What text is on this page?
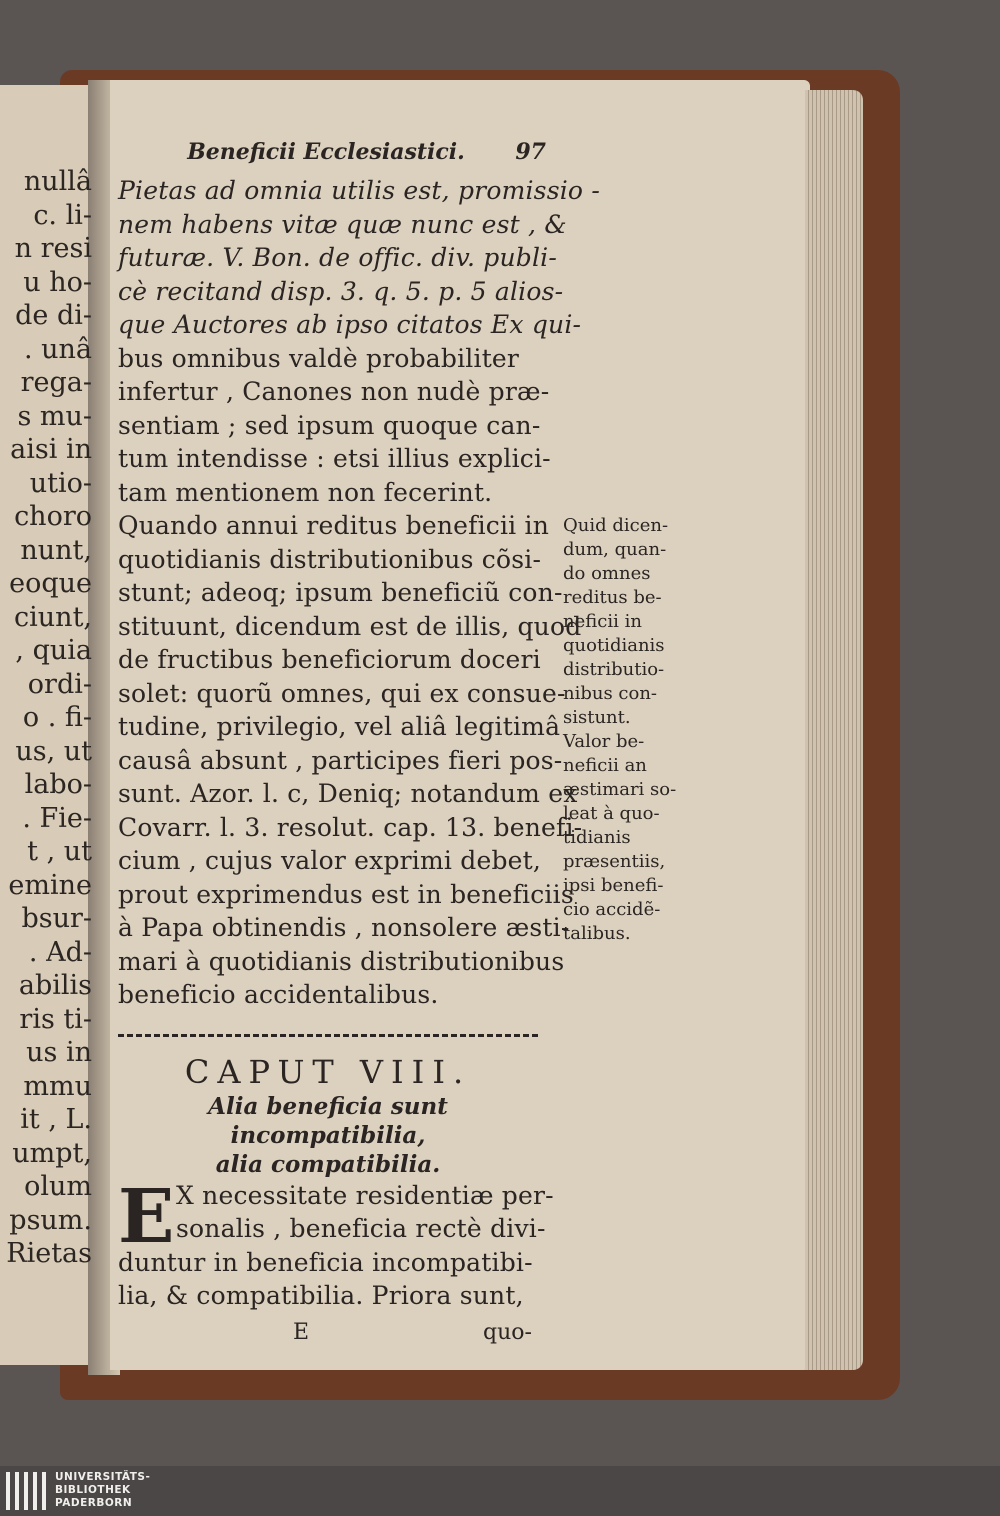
nullâ
c. li-
n resi
u ho-
de di-
. unâ
rega-
s mu-
aisi in
utio-
choro
nunt,
eoque
ciunt,
, quia
ordi-
o . fi-
us, ut
labo-
. Fie-
t , ut
emine
bsur-
. Ad-
abilis
ris ti-
us in
mmu
it , L.
umpt,
olum
psum.
Rietas
Beneficii Ecclesiastici. 97
Pietas ad omnia utilis est, promissio -
nem habens vitæ quæ nunc est , &
futuræ. V. Bon. de offic. div. publi-
cè recitand disp. 3. q. 5. p. 5 alios-
que Auctores ab ipso citatos Ex qui-
bus omnibus valdè probabiliter
infertur , Canones non nudè præ-
sentiam ; sed ipsum quoque can-
tum intendisse : etsi illius explici-
tam mentionem non fecerint.
Quando annui reditus beneficii in
quotidianis distributionibus cõsi-
stunt; adeoq; ipsum beneficiũ con-
stituunt, dicendum est de illis, quod
de fructibus beneficiorum doceri
solet: quorũ omnes, qui ex consue-
tudine, privilegio, vel aliâ legitimâ
causâ absunt , participes fieri pos-
sunt. Azor. l. c, Deniq; notandum ex
Covarr. l. 3. resolut. cap. 13. benefi-
cium , cujus valor exprimi debet,
prout exprimendus est in beneficiis
à Papa obtinendis , nonsolere æsti-
mari à quotidianis distributionibus
beneficio accidentalibus.
CAPUT VIII.
Alia beneficia sunt incompatibilia,
alia compatibilia.
E X necessitate residentiæ per-
sonalis , beneficia rectè divi-
duntur in beneficia incompatibi-
lia, & compatibilia. Priora sunt,
E	quo-
Quid dicen-
dum, quan-
do omnes
reditus be-
neficii in
quotidianis
distributio-
nibus con-
sistunt.
Valor be-
neficii an
æstimari so-
leat à quo-
tidianis
præsentiis,
ipsi benefi-
cio accidẽ-
talibus.
UNIVERSITÄTS-
BIBLIOTHEK
PADERBORN
